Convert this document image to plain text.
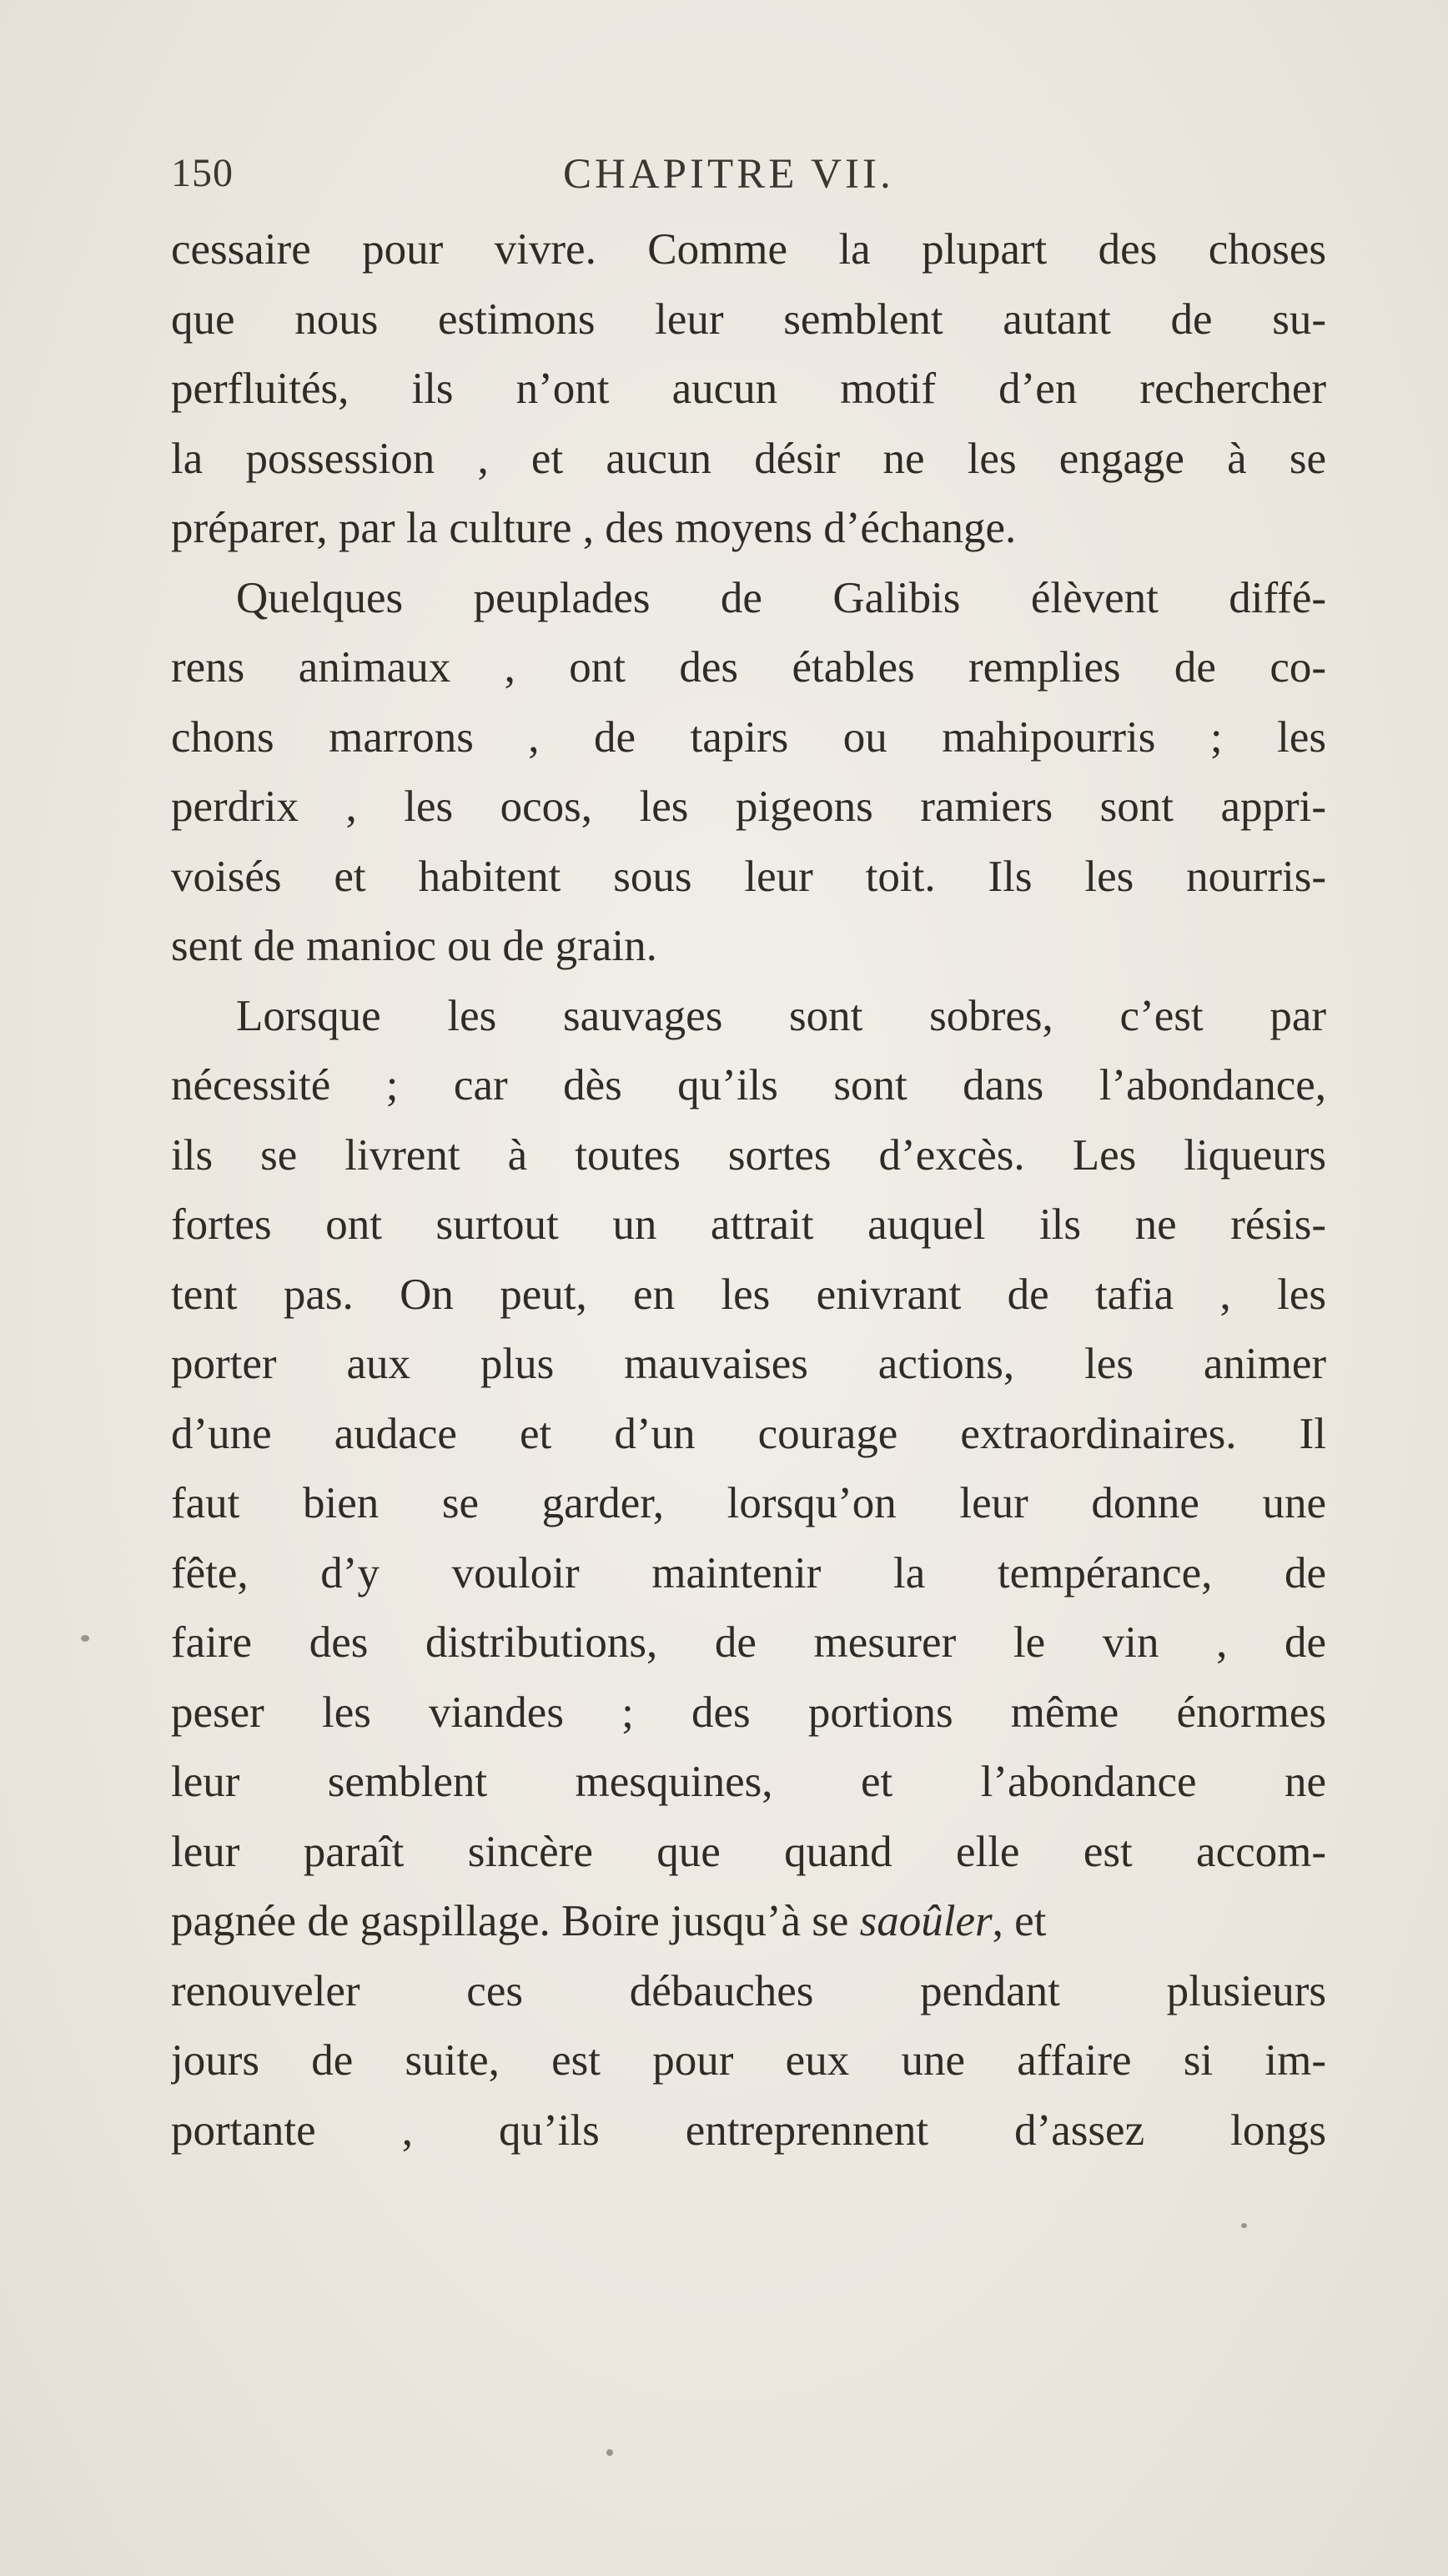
150	CHAPITRE VII.
cessaire pour vivre. Comme la plupart des choses
que nous estimons leur semblent autant de su-
perfluités, ils n’ont aucun motif d’en rechercher
la possession , et aucun désir ne les engage à se
préparer, par la culture , des moyens d’échange.
Quelques peuplades de Galibis élèvent diffé-
rens animaux , ont des étables remplies de co-
chons marrons , de tapirs ou mahipourris ; les
perdrix , les ocos, les pigeons ramiers sont appri-
voisés et habitent sous leur toit. Ils les nourris-
sent de manioc ou de grain.
Lorsque les sauvages sont sobres, c’est par
nécessité ; car dès qu’ils sont dans l’abondance,
ils se livrent à toutes sortes d’excès. Les liqueurs
fortes ont surtout un attrait auquel ils ne résis-
tent pas. On peut, en les enivrant de tafia , les
porter aux plus mauvaises actions, les animer
d’une audace et d’un courage extraordinaires. Il
faut bien se garder, lorsqu’on leur donne une
fête, d’y vouloir maintenir la tempérance, de
faire des distributions, de mesurer le vin , de
peser les viandes ; des portions même énormes
leur semblent mesquines, et l’abondance ne
leur paraît sincère que quand elle est accom-
pagnée de gaspillage. Boire jusqu’à se saoûler, et
renouveler ces débauches pendant plusieurs
jours de suite, est pour eux une affaire si im-
portante , qu’ils entreprennent d’assez longs
